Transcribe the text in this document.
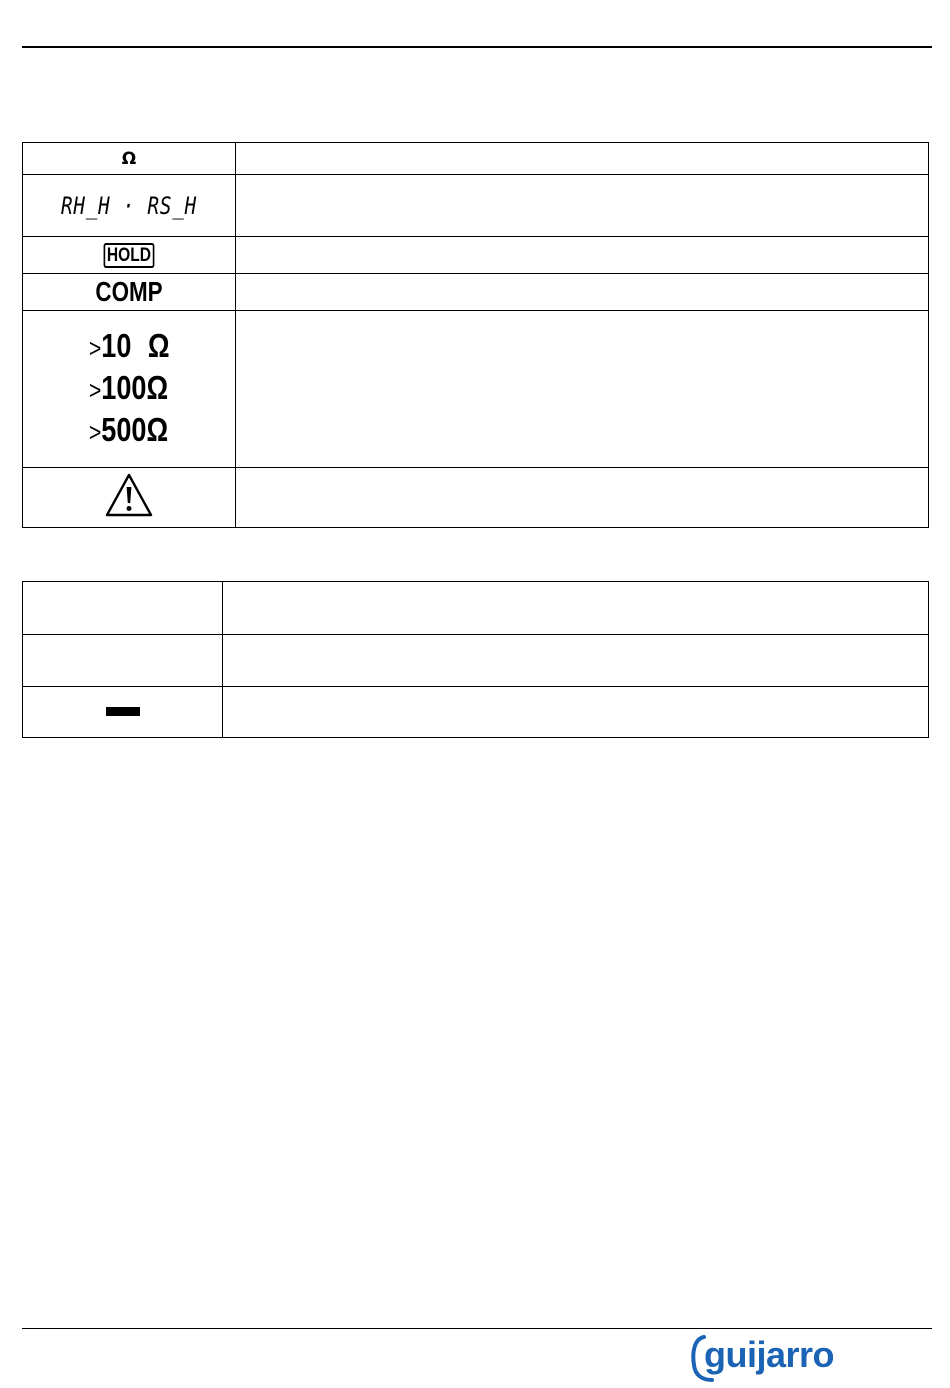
Ω	
RH_H · RS_H	
HOLD	
COMP	

>10 Ω
>100Ω
>500Ω	

guijarro
